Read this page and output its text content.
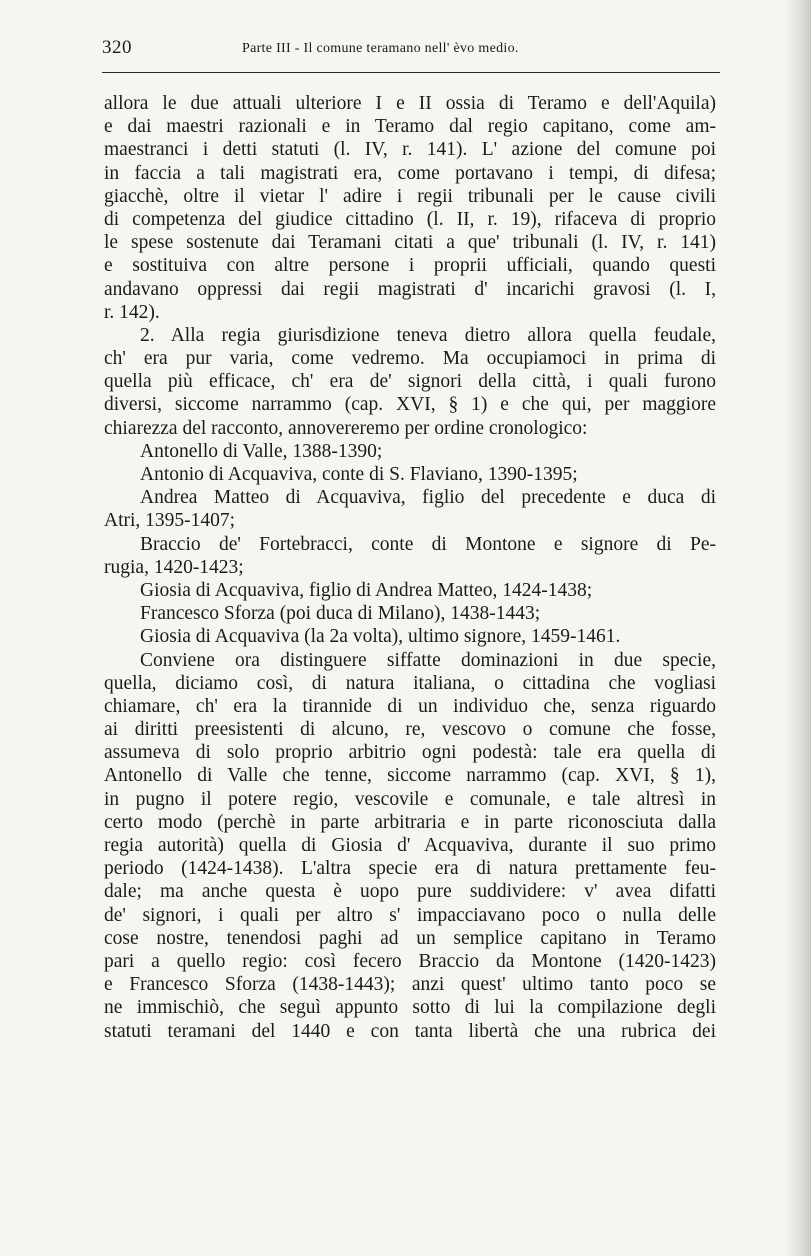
320	Parte III - Il comune teramano nell' èvo medio.
allora le due attuali ulteriore I e II ossia di Teramo e dell'Aquila)
e dai maestri razionali e in Teramo dal regio capitano, come am-
maestranci i detti statuti (l. IV, r. 141). L' azione del comune poi
in faccia a tali magistrati era, come portavano i tempi, di difesa;
giacchè, oltre il vietar l' adire i regii tribunali per le cause civili
di competenza del giudice cittadino (l. II, r. 19), rifaceva di proprio
le spese sostenute dai Teramani citati a que' tribunali (l. IV, r. 141)
e sostituiva con altre persone i proprii ufficiali, quando questi
andavano oppressi dai regii magistrati d' incarichi gravosi (l. I,
r. 142).
2. Alla regia giurisdizione teneva dietro allora quella feudale,
ch' era pur varia, come vedremo. Ma occupiamoci in prima di
quella più efficace, ch' era de' signori della città, i quali furono
diversi, siccome narrammo (cap. XVI, § 1) e che qui, per maggiore
chiarezza del racconto, annovereremo per ordine cronologico:
Antonello di Valle, 1388-1390;
Antonio di Acquaviva, conte di S. Flaviano, 1390-1395;
Andrea Matteo di Acquaviva, figlio del precedente e duca di
Atri, 1395-1407;
Braccio de' Fortebracci, conte di Montone e signore di Pe-
rugia, 1420-1423;
Giosia di Acquaviva, figlio di Andrea Matteo, 1424-1438;
Francesco Sforza (poi duca di Milano), 1438-1443;
Giosia di Acquaviva (la 2a volta), ultimo signore, 1459-1461.
Conviene ora distinguere siffatte dominazioni in due specie,
quella, diciamo così, di natura italiana, o cittadina che vogliasi
chiamare, ch' era la tirannide di un individuo che, senza riguardo
ai diritti preesistenti di alcuno, re, vescovo o comune che fosse,
assumeva di solo proprio arbitrio ogni podestà: tale era quella di
Antonello di Valle che tenne, siccome narrammo (cap. XVI, § 1),
in pugno il potere regio, vescovile e comunale, e tale altresì in
certo modo (perchè in parte arbitraria e in parte riconosciuta dalla
regia autorità) quella di Giosia d' Acquaviva, durante il suo primo
periodo (1424-1438). L'altra specie era di natura prettamente feu-
dale; ma anche questa è uopo pure suddividere: v' avea difatti
de' signori, i quali per altro s' impacciavano poco o nulla delle
cose nostre, tenendosi paghi ad un semplice capitano in Teramo
pari a quello regio: così fecero Braccio da Montone (1420-1423)
e Francesco Sforza (1438-1443); anzi quest' ultimo tanto poco se
ne immischiò, che seguì appunto sotto di lui la compilazione degli
statuti teramani del 1440 e con tanta libertà che una rubrica dei
